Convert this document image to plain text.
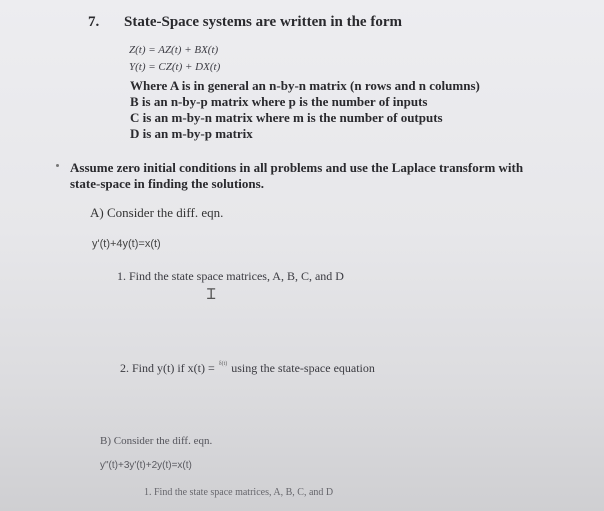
7. State-Space systems are written in the form
Z(t) = AZ(t) + BX(t)
Y(t) = CZ(t) + DX(t)
Where A is in general an n-by-n matrix (n rows and n columns)
B is an n-by-p matrix where p is the number of inputs
C is an m-by-n matrix where m is the number of outputs
D is an m-by-p matrix
Assume zero initial conditions in all problems and use the Laplace transform with
state-space in finding the solutions.
A) Consider the diff. eqn.
y'(t)+4y(t)=x(t)
1. Find the state space matrices, A, B, C, and D
Ɪ
2. Find y(t) if x(t) = $^{\delta(t)}$ using the state-space equation
B) Consider the diff. eqn.
y"(t)+3y'(t)+2y(t)=x(t)
1. Find the state space matrices, A, B, C, and D
